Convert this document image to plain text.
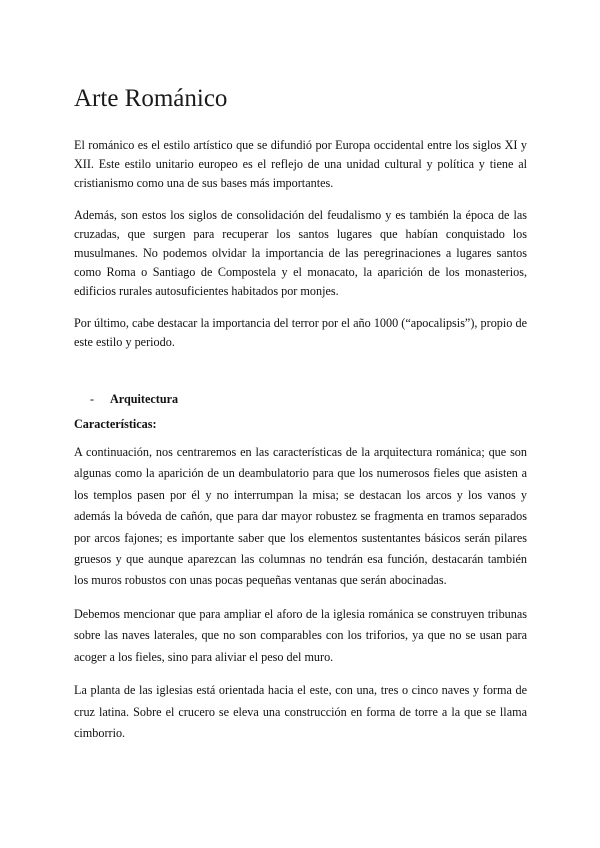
Arte Románico

El románico es el estilo artístico que se difundió por Europa occidental entre los siglos XI y XII. Este estilo unitario europeo es el reflejo de una unidad cultural y política y tiene al cristianismo como una de sus bases más importantes.

Además, son estos los siglos de consolidación del feudalismo y es también la época de las cruzadas, que surgen para recuperar los santos lugares que habían conquistado los musulmanes. No podemos olvidar la importancia de las peregrinaciones a lugares santos como Roma o Santiago de Compostela y el monacato, la aparición de los monasterios, edificios rurales autosuficientes habitados por monjes.

Por último, cabe destacar la importancia del terror por el año 1000 (“apocalipsis”), propio de este estilo y periodo.

-	Arquitectura
Características:

A continuación, nos centraremos en las características de la arquitectura románica; que son algunas como la aparición de un deambulatorio para que los numerosos fieles que asisten a los templos pasen por él y no interrumpan la misa; se destacan los arcos y los vanos y además la bóveda de cañón, que para dar mayor robustez se fragmenta en tramos separados por arcos fajones; es importante saber que los elementos sustentantes básicos serán pilares gruesos y que aunque aparezcan las columnas no tendrán esa función, destacarán también los muros robustos con unas pocas pequeñas ventanas que serán abocinadas.

Debemos mencionar que para ampliar el aforo de la iglesia románica se construyen tribunas sobre las naves laterales, que no son comparables con los triforios, ya que no se usan para acoger a los fieles, sino para aliviar el peso del muro.

La planta de las iglesias está orientada hacia el este, con una, tres o cinco naves y forma de cruz latina. Sobre el crucero se eleva una construcción en forma de torre a la que se llama cimborrio.
